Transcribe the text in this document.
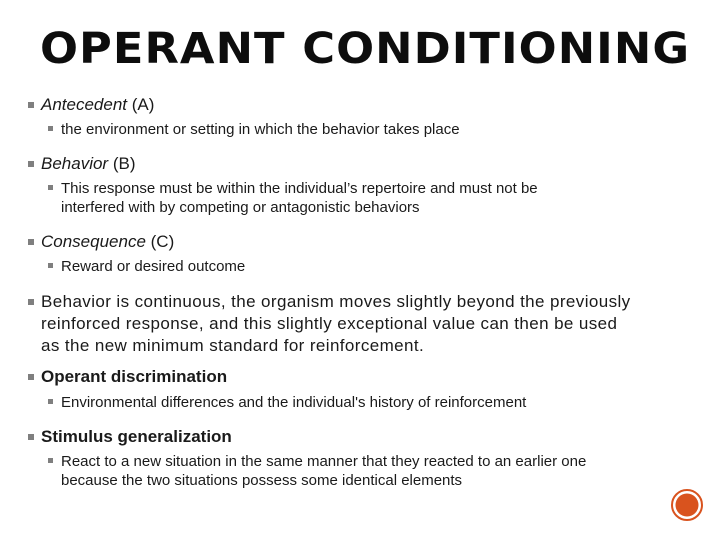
OPERANT CONDITIONING
Antecedent (A)
the environment or setting in which the behavior takes place
Behavior (B)
This response must be within the individual’s repertoire and must not be
interfered with by competing or antagonistic behaviors
Consequence (C)
Reward or desired outcome
Behavior is continuous, the organism moves slightly beyond the previously
reinforced response, and this slightly exceptional value can then be used
as the new minimum standard for reinforcement.
Operant discrimination
Environmental differences and the individual's history of reinforcement
Stimulus generalization
React to a new situation in the same manner that they reacted to an earlier one
because the two situations possess some identical elements
